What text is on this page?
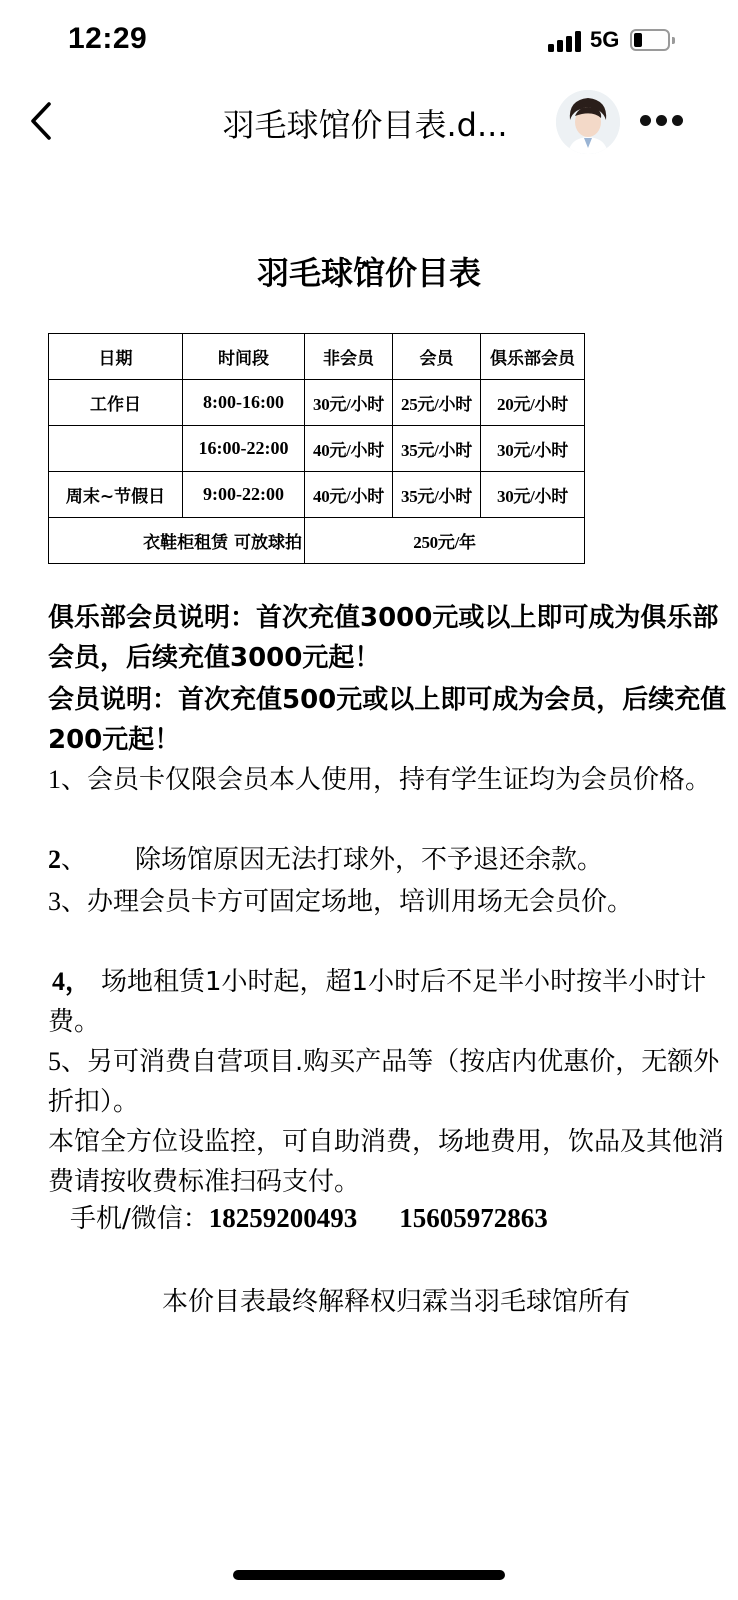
12:29	5G
羽毛球馆价目表.d...
羽毛球馆价目表
日期	时间段	非会员	会员	俱乐部会员
工作日	8:00-16:00	30元/小时	25元/小时	20元/小时
	16:00-22:00	40元/小时	35元/小时	30元/小时
周末~节假日	9:00-22:00	40元/小时	35元/小时	30元/小时
衣鞋柜租赁 可放球拍		250元/年		
俱乐部会员说明：首次充值3000元或以上即可成为俱乐部会员，后续充值3000元起！
会员说明：首次充值500元或以上即可成为会员，后续充值200元起！
1、会员卡仅限会员本人使用，持有学生证均为会员价格。
2、 除场馆原因无法打球外，不予退还余款。
3、办理会员卡方可固定场地，培训用场无会员价。
4， 场地租赁1小时起，超1小时后不足半小时按半小时计费。
5、另可消费自营项目.购买产品等（按店内优惠价，无额外折扣）。
本馆全方位设监控，可自助消费，场地费用，饮品及其他消费请按收费标准扫码支付。
手机/微信：18259200493 15605972863
本价目表最终解释权归霖当羽毛球馆所有
